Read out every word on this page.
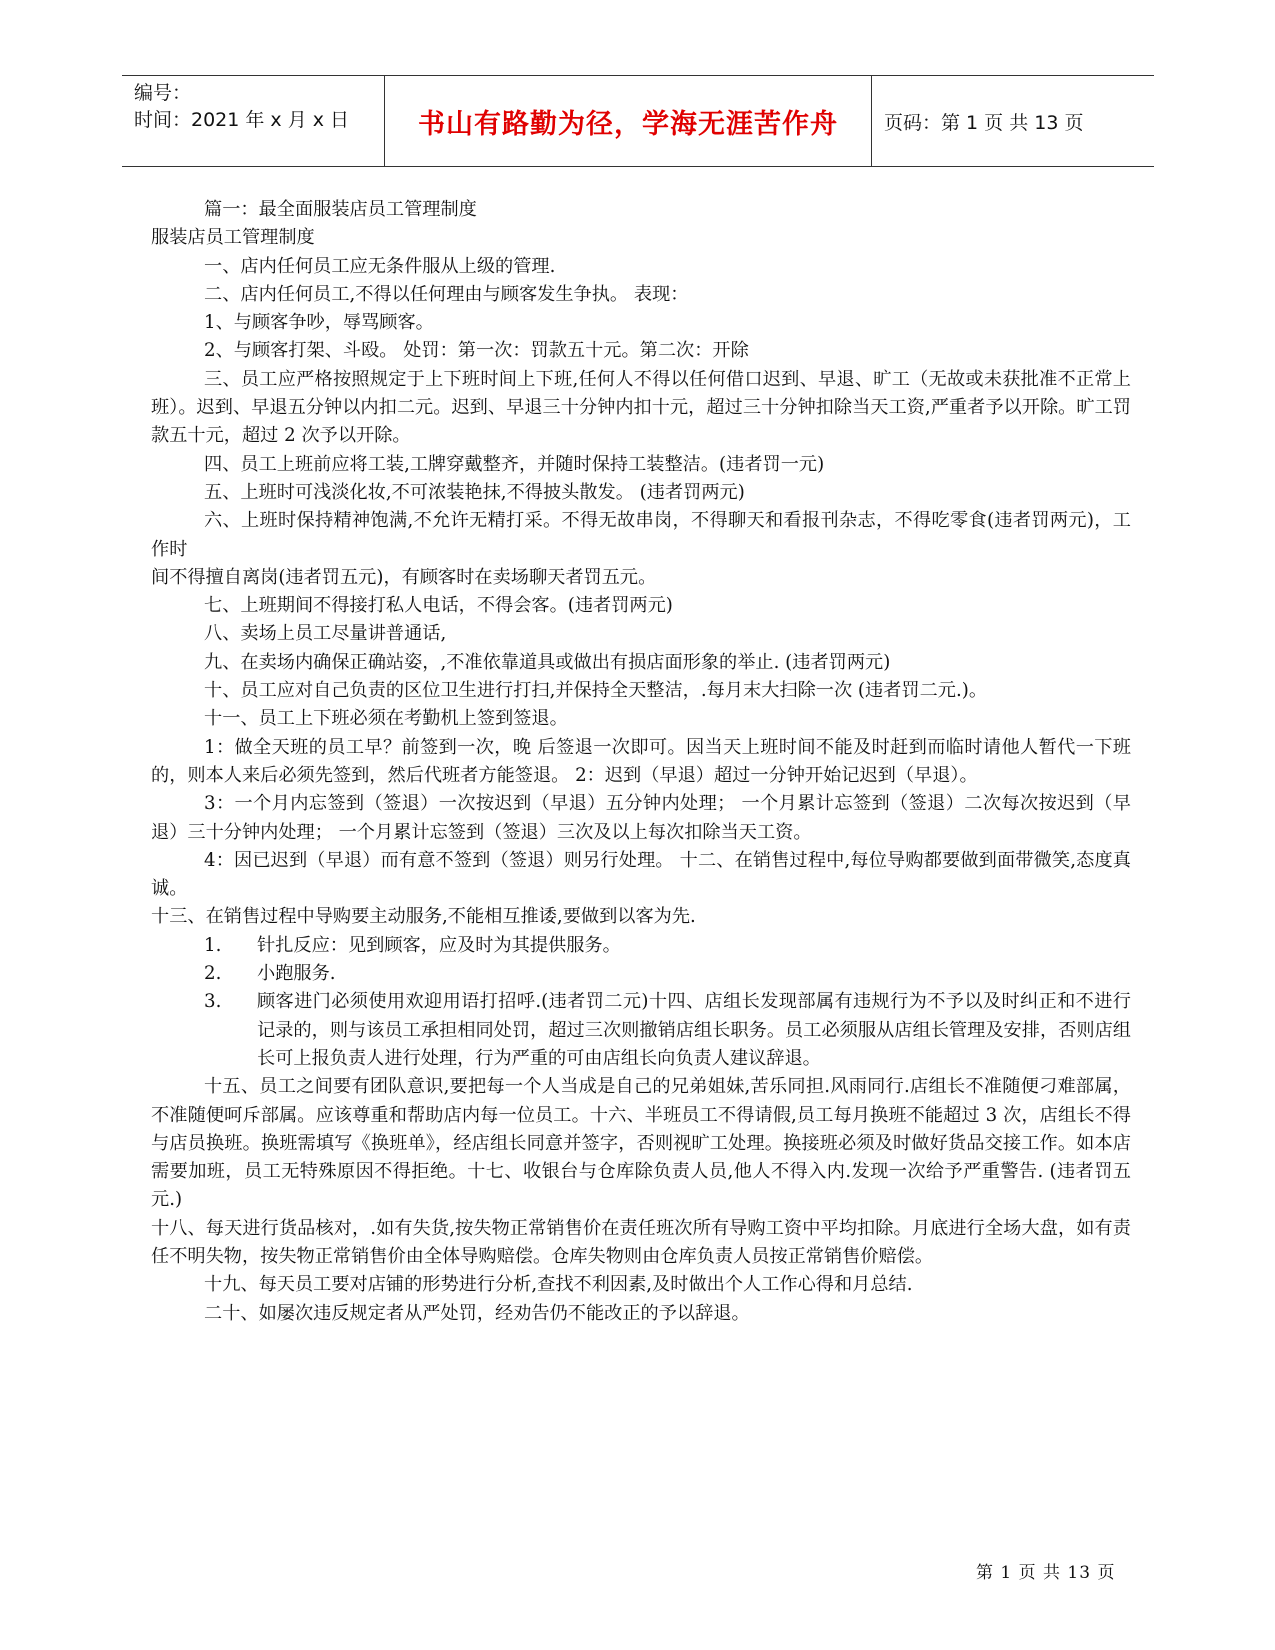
编号：
时间：2021 年 x 月 x 日	书山有路勤为径，学海无涯苦作舟	页码：第 1 页 共 13 页

篇一：最全面服装店员工管理制度

服装店员工管理制度

一、店内任何员工应无条件服从上级的管理.

二、店内任何员工,不得以任何理由与顾客发生争执。 表现：

1、与顾客争吵，辱骂顾客。

2、与顾客打架、斗殴。 处罚：第一次：罚款五十元。第二次：开除

三、员工应严格按照规定于上下班时间上下班,任何人不得以任何借口迟到、早退、旷工（无故或未获批准不正常上班）。迟到、早退五分钟以内扣二元。迟到、早退三十分钟内扣十元，超过三十分钟扣除当天工资,严重者予以开除。旷工罚款五十元，超过 2 次予以开除。

四、员工上班前应将工装,工牌穿戴整齐，并随时保持工装整洁。(违者罚一元)

五、上班时可浅淡化妆,不可浓装艳抹,不得披头散发。 (违者罚两元)

六、上班时保持精神饱满,不允许无精打采。不得无故串岗，不得聊天和看报刊杂志，不得吃零食(违者罚两元)，工作时

间不得擅自离岗(违者罚五元)，有顾客时在卖场聊天者罚五元。

七、上班期间不得接打私人电话，不得会客。(违者罚两元)

八、卖场上员工尽量讲普通话,

九、在卖场内确保正确站姿，,不准依靠道具或做出有损店面形象的举止. (违者罚两元)

十、员工应对自己负责的区位卫生进行打扫,并保持全天整洁，.每月末大扫除一次 (违者罚二元.)。

十一、员工上下班必须在考勤机上签到签退。

1：做全天班的员工早？前签到一次，晚 后签退一次即可。因当天上班时间不能及时赶到而临时请他人暂代一下班的，则本人来后必须先签到，然后代班者方能签退。 2：迟到（早退）超过一分钟开始记迟到（早退）。

3：一个月内忘签到（签退）一次按迟到（早退）五分钟内处理； 一个月累计忘签到（签退）二次每次按迟到（早退）三十分钟内处理； 一个月累计忘签到（签退）三次及以上每次扣除当天工资。

4：因已迟到（早退）而有意不签到（签退）则另行处理。 十二、在销售过程中,每位导购都要做到面带微笑,态度真诚。

十三、在销售过程中导购要主动服务,不能相互推诿,要做到以客为先.

1.	针扎反应：见到顾客，应及时为其提供服务。
2.	小跑服务.
3.	顾客进门必须使用欢迎用语打招呼.(违者罚二元)十四、店组长发现部属有违规行为不予以及时纠正和不进行记录的，则与该员工承担相同处罚，超过三次则撤销店组长职务。员工必须服从店组长管理及安排，否则店组长可上报负责人进行处理，行为严重的可由店组长向负责人建议辞退。

十五、员工之间要有团队意识,要把每一个人当成是自己的兄弟姐妹,苦乐同担.风雨同行.店组长不准随便刁难部属，不准随便呵斥部属。应该尊重和帮助店内每一位员工。十六、半班员工不得请假,员工每月换班不能超过 3 次，店组长不得与店员换班。换班需填写《换班单》，经店组长同意并签字，否则视旷工处理。换接班必须及时做好货品交接工作。如本店需要加班，员工无特殊原因不得拒绝。十七、收银台与仓库除负责人员,他人不得入内.发现一次给予严重警告. (违者罚五元.)

十八、每天进行货品核对，.如有失货,按失物正常销售价在责任班次所有导购工资中平均扣除。月底进行全场大盘，如有责任不明失物，按失物正常销售价由全体导购赔偿。仓库失物则由仓库负责人员按正常销售价赔偿。

十九、每天员工要对店铺的形势进行分析,查找不利因素,及时做出个人工作心得和月总结.

二十、如屡次违反规定者从严处罚，经劝告仍不能改正的予以辞退。

第 1 页 共 13 页
